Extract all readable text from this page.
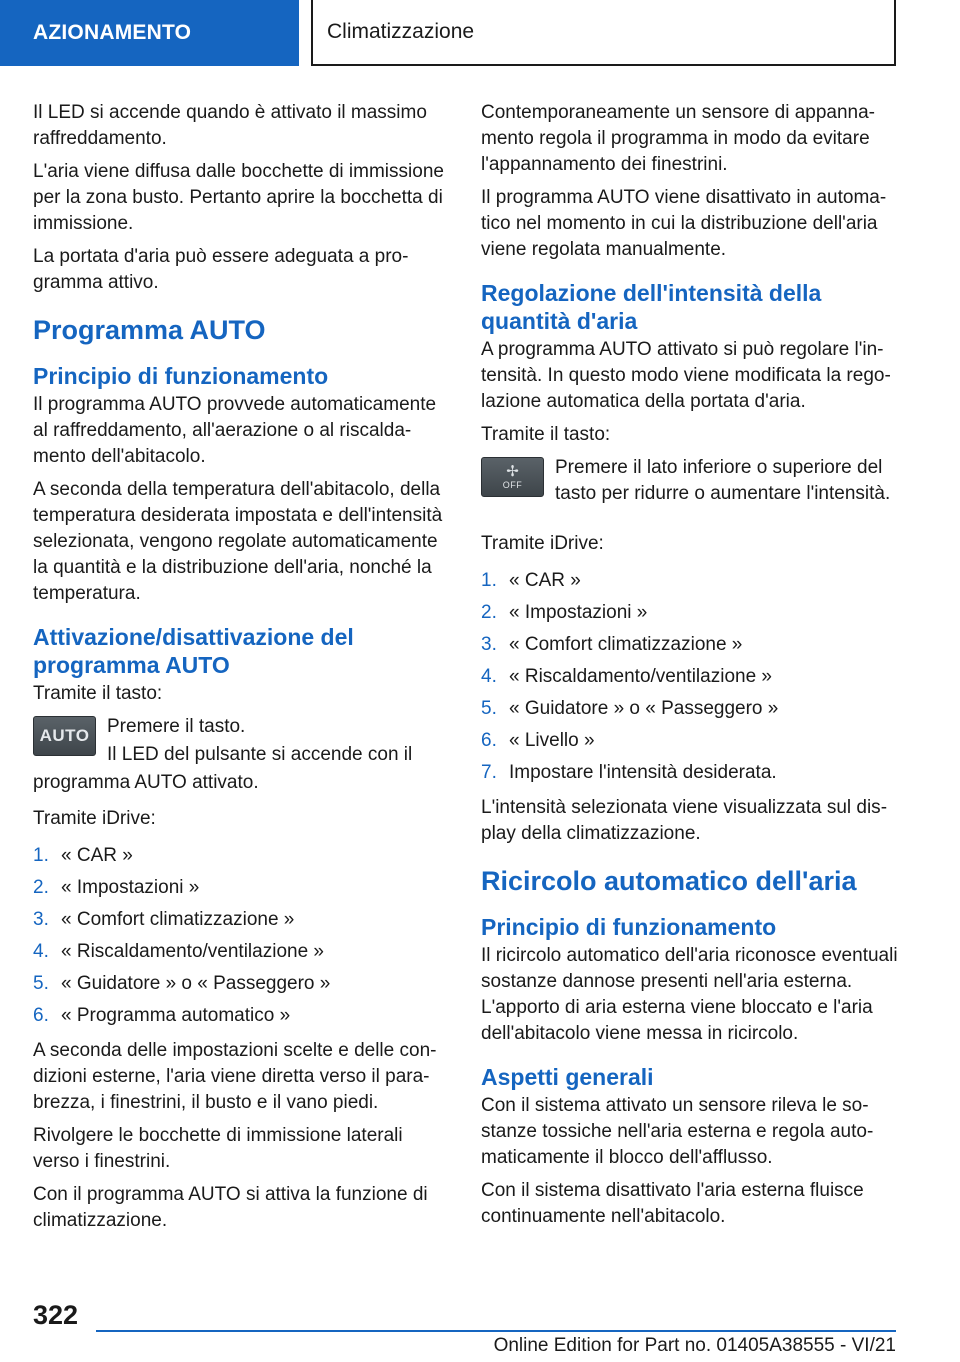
AZIONAMENTO	Climatizzazione

Il LED si accende quando è attivato il massimo raffreddamento.

L'aria viene diffusa dalle bocchette di immissione per la zona busto. Pertanto aprire la bocchetta di immissione.

La portata d'aria può essere adeguata a programma attivo.

Programma AUTO
Principio di funzionamento

Il programma AUTO provvede automaticamente al raffreddamento, all'aerazione o al riscaldamento dell'abitacolo.

A seconda della temperatura dell'abitacolo, della temperatura desiderata impostata e dell'intensità selezionata, vengono regolate automaticamente la quantità e la distribuzione dell'aria, nonché la temperatura.

Attivazione/disattivazione del programma AUTO

Tramite il tasto:

AUTO Premere il tasto.

Il LED del pulsante si accende con il

programma AUTO attivato.

Tramite iDrive:

1. « CAR »
2. « Impostazioni »
3. « Comfort climatizzazione »
4. « Riscaldamento/ventilazione »
5. « Guidatore » o « Passeggero »
6. « Programma automatico »

A seconda delle impostazioni scelte e delle condizioni esterne, l'aria viene diretta verso il parabrezza, i finestrini, il busto e il vano piedi.

Rivolgere le bocchette di immissione laterali verso i finestrini.

Con il programma AUTO si attiva la funzione di climatizzazione.

Contemporaneamente un sensore di appannamento regola il programma in modo da evitare l'appannamento dei finestrini.

Il programma AUTO viene disattivato in automatico nel momento in cui la distribuzione dell'aria viene regolata manualmente.

Regolazione dell'intensità della quantità d'aria

A programma AUTO attivato si può regolare l'intensità. In questo modo viene modificata la regolazione automatica della portata d'aria.

Tramite il tasto:

✢
OFF

Premere il lato inferiore o superiore del tasto per ridurre o aumentare l'intensità.

Tramite iDrive:

1. « CAR »
2. « Impostazioni »
3. « Comfort climatizzazione »
4. « Riscaldamento/ventilazione »
5. « Guidatore » o « Passeggero »
6. « Livello »
7. Impostare l'intensità desiderata.

L'intensità selezionata viene visualizzata sul display della climatizzazione.

Ricircolo automatico dell'aria
Principio di funzionamento

Il ricircolo automatico dell'aria riconosce eventuali sostanze dannose presenti nell'aria esterna. L'apporto di aria esterna viene bloccato e l'aria dell'abitacolo viene messa in ricircolo.

Aspetti generali

Con il sistema attivato un sensore rileva le sostanze tossiche nell'aria esterna e regola automaticamente il blocco dell'afflusso.

Con il sistema disattivato l'aria esterna fluisce continuamente nell'abitacolo.

322
Online Edition for Part no. 01405A38555 - VI/21
